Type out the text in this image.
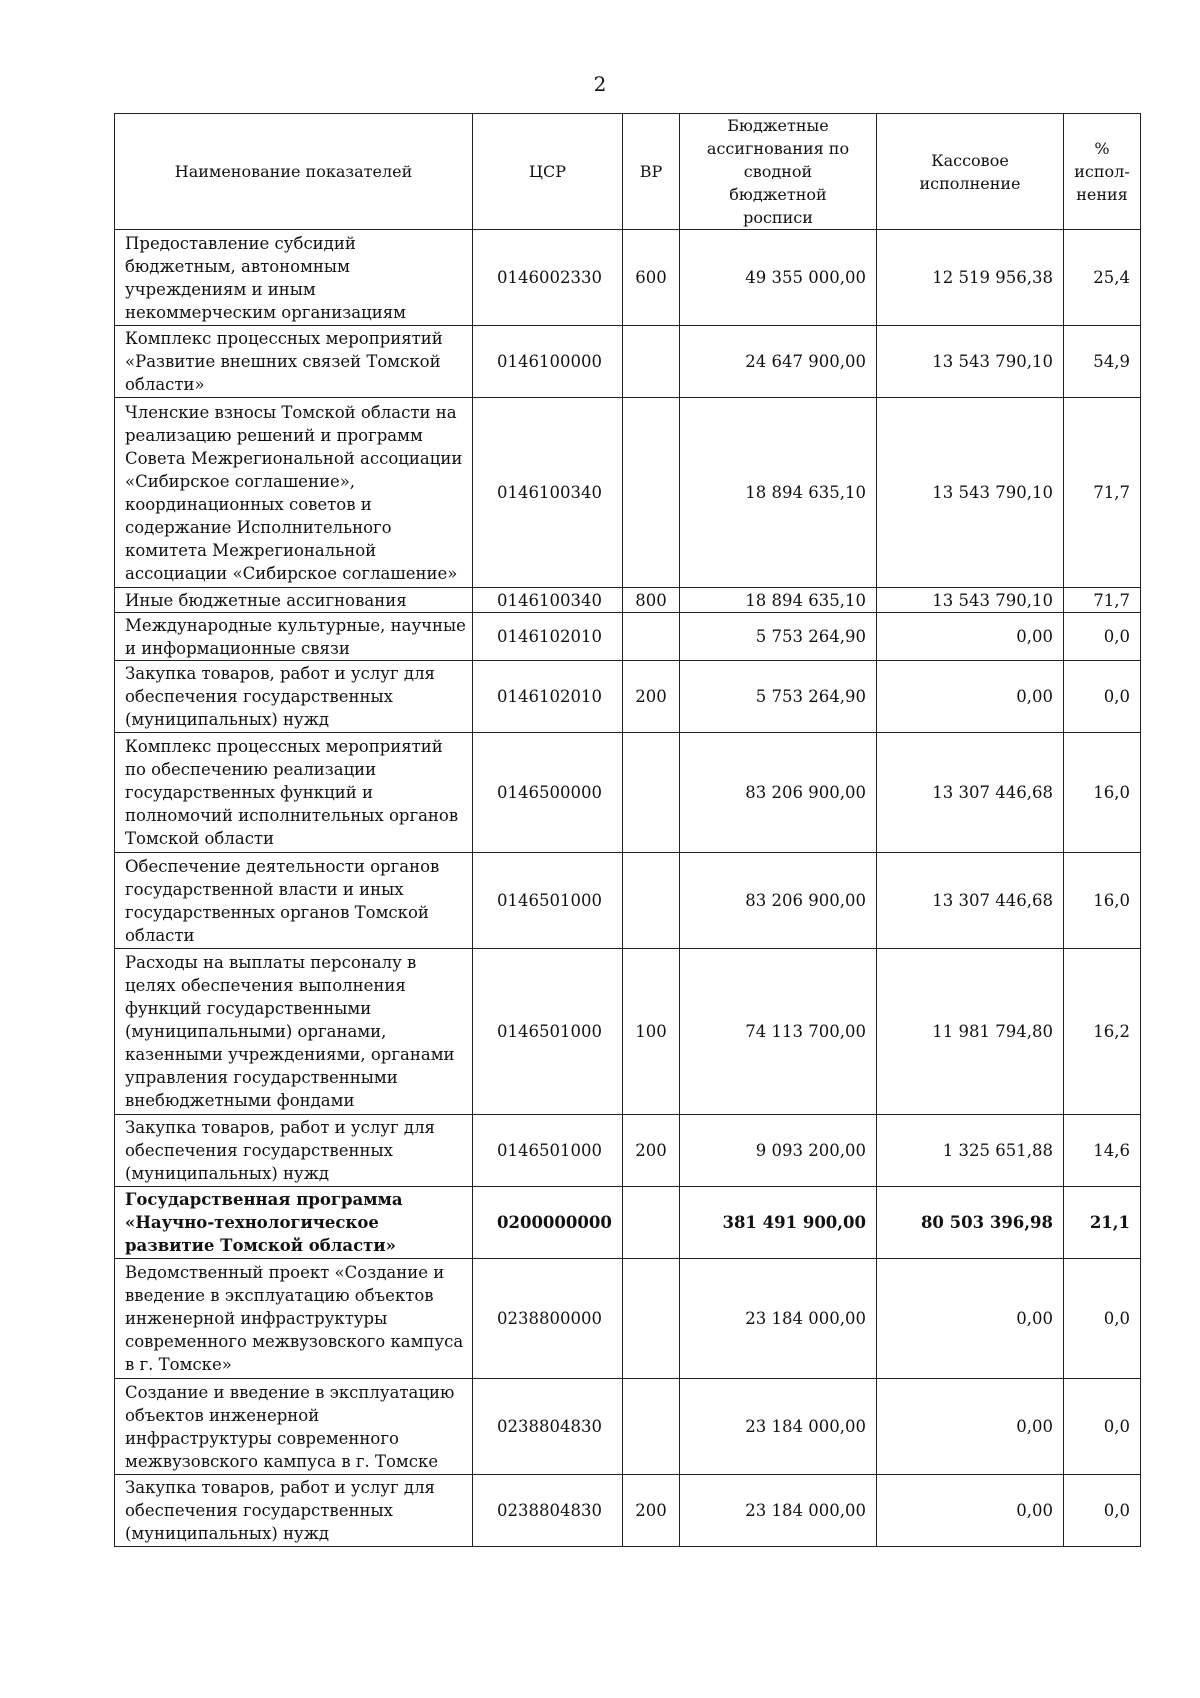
2
Наименование показателей	ЦСР	ВР	Бюджетные ассигнования по сводной бюджетной росписи	Кассовое исполнение	% испол-нения
Предоставление субсидий бюджетным, автономным учреждениям и иным некоммерческим организациям	0146002330	600	49 355 000,00	12 519 956,38	25,4
Комплекс процессных мероприятий «Развитие внешних связей Томской области»	0146100000		24 647 900,00	13 543 790,10	54,9
Членские взносы Томской области на реализацию решений и программ Совета Межрегиональной ассоциации «Сибирское соглашение», координационных советов и содержание Исполнительного комитета Межрегиональной ассоциации «Сибирское соглашение»	0146100340		18 894 635,10	13 543 790,10	71,7
Иные бюджетные ассигнования	0146100340	800	18 894 635,10	13 543 790,10	71,7
Международные культурные, научные и информационные связи	0146102010		5 753 264,90	0,00	0,0
Закупка товаров, работ и услуг для обеспечения государственных (муниципальных) нужд	0146102010	200	5 753 264,90	0,00	0,0
Комплекс процессных мероприятий по обеспечению реализации государственных функций и полномочий исполнительных органов Томской области	0146500000		83 206 900,00	13 307 446,68	16,0
Обеспечение деятельности органов государственной власти и иных государственных органов Томской области	0146501000		83 206 900,00	13 307 446,68	16,0
Расходы на выплаты персоналу в целях обеспечения выполнения функций государственными (муниципальными) органами, казенными учреждениями, органами управления государственными внебюджетными фондами	0146501000	100	74 113 700,00	11 981 794,80	16,2
Закупка товаров, работ и услуг для обеспечения государственных (муниципальных) нужд	0146501000	200	9 093 200,00	1 325 651,88	14,6
Государственная программа «Научно-технологическое развитие Томской области»	0200000000		381 491 900,00	80 503 396,98	21,1
Ведомственный проект «Создание и введение в эксплуатацию объектов инженерной инфраструктуры современного межвузовского кампуса в г. Томске»	0238800000		23 184 000,00	0,00	0,0
Создание и введение в эксплуатацию объектов инженерной инфраструктуры современного межвузовского кампуса в г. Томске	0238804830		23 184 000,00	0,00	0,0
Закупка товаров, работ и услуг для обеспечения государственных (муниципальных) нужд	0238804830	200	23 184 000,00	0,00	0,0
